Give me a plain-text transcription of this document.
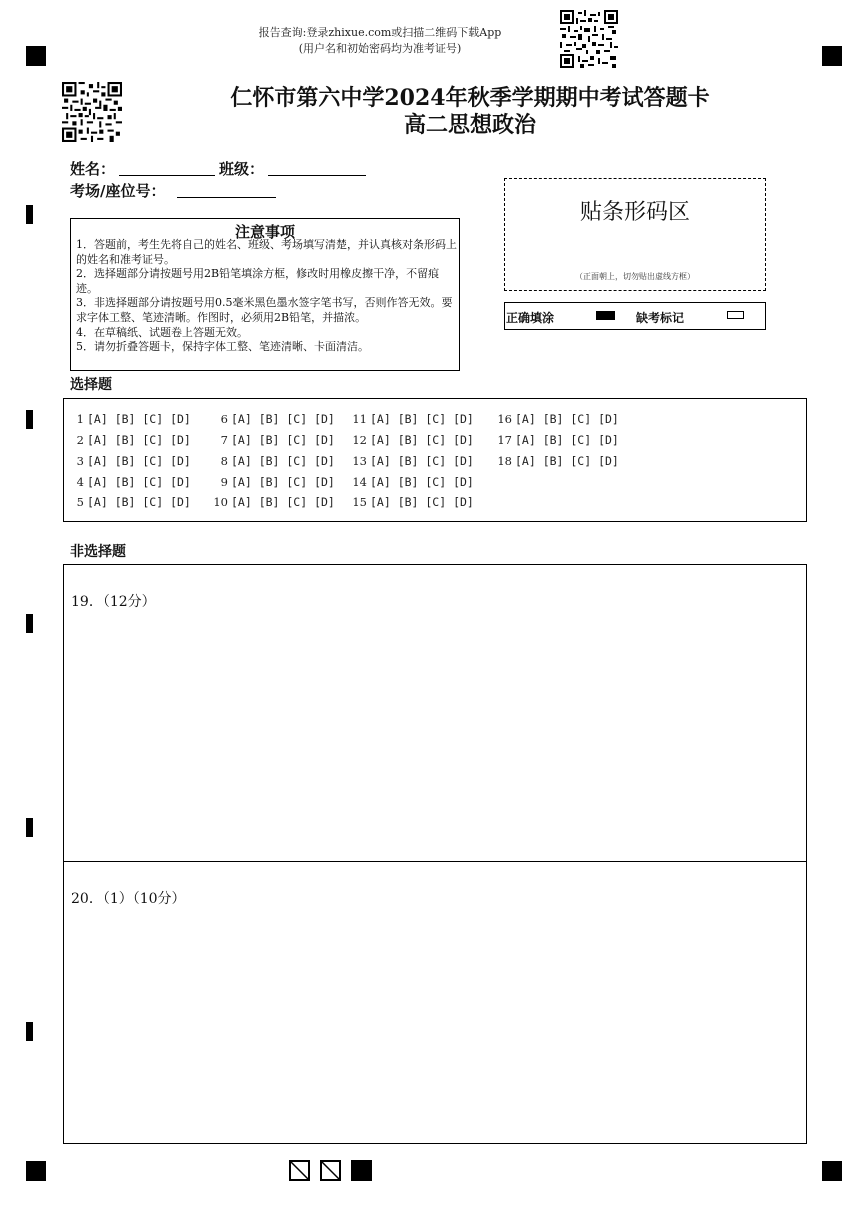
报告查询:登录zhixue.com或扫描二维码下载App
(用户名和初始密码均为准考证号)
仁怀市第六中学2024年秋季学期期中考试答题卡
高二思想政治
姓名：	班级：
考场/座位号：
注意事项
1．答题前，考生先将自己的姓名、班级、考场填写清楚，并认真核对条形码上的姓名和准考证号。
2．选择题部分请按题号用2B铅笔填涂方框，修改时用橡皮擦干净，不留痕迹。
3．非选择题部分请按题号用0.5毫米黑色墨水签字笔书写，否则作答无效。要求字体工整、笔迹清晰。作图时，必须用2B铅笔，并描浓。
4．在草稿纸、试题卷上答题无效。
5．请勿折叠答题卡，保持字体工整、笔迹清晰、卡面清洁。
贴条形码区
（正面朝上，切勿贴出虚线方框）
正确填涂	缺考标记
选择题
1 [A] [B] [C] [D]
2 [A] [B] [C] [D]
3 [A] [B] [C] [D]
4 [A] [B] [C] [D]
5 [A] [B] [C] [D]
6 [A] [B] [C] [D]
7 [A] [B] [C] [D]
8 [A] [B] [C] [D]
9 [A] [B] [C] [D]
10 [A] [B] [C] [D]
11 [A] [B] [C] [D]
12 [A] [B] [C] [D]
13 [A] [B] [C] [D]
14 [A] [B] [C] [D]
15 [A] [B] [C] [D]
16 [A] [B] [C] [D]
17 [A] [B] [C] [D]
18 [A] [B] [C] [D]
非选择题
19．（12分）
20．（1）（10分）
